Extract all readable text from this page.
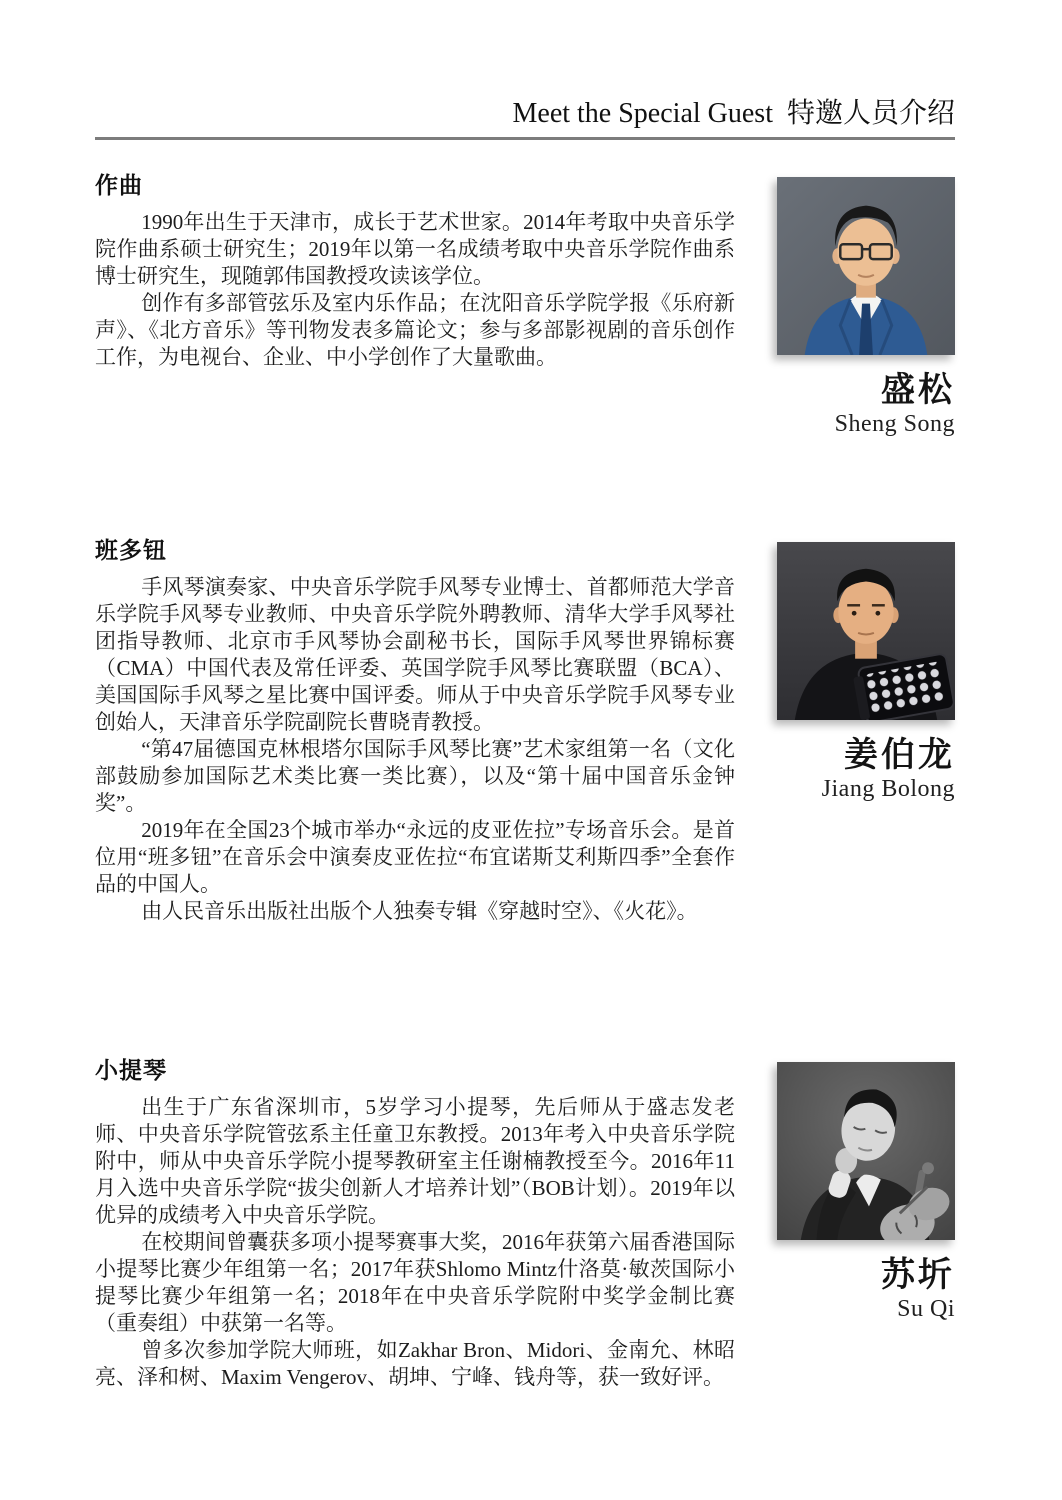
Meet the Special Guest 特邀人员介绍
作曲

1990年出生于天津市，成长于艺术世家。2014年考取中央音乐学院作曲系硕士研究生；2019年以第一名成绩考取中央音乐学院作曲系博士研究生，现随郭伟国教授攻读该学位。

创作有多部管弦乐及室内乐作品；在沈阳音乐学院学报《乐府新声》、《北方音乐》等刊物发表多篇论文；参与多部影视剧的音乐创作工作，为电视台、企业、中小学创作了大量歌曲。

盛松
Sheng Song
班多钮

手风琴演奏家、中央音乐学院手风琴专业博士、首都师范大学音乐学院手风琴专业教师、中央音乐学院外聘教师、清华大学手风琴社团指导教师、北京市手风琴协会副秘书长，国际手风琴世界锦标赛（CMA）中国代表及常任评委、英国学院手风琴比赛联盟（BCA）、美国国际手风琴之星比赛中国评委。师从于中央音乐学院手风琴专业创始人，天津音乐学院副院长曹晓青教授。

“第47届德国克林根塔尔国际手风琴比赛”艺术家组第一名（文化部鼓励参加国际艺术类比赛一类比赛），以及“第十届中国音乐金钟奖”。

2019年在全国23个城市举办“永远的皮亚佐拉”专场音乐会。是首位用“班多钮”在音乐会中演奏皮亚佐拉“布宜诺斯艾利斯四季”全套作品的中国人。

由人民音乐出版社出版个人独奏专辑《穿越时空》、《火花》。

姜伯龙
Jiang Bolong
小提琴

出生于广东省深圳市，5岁学习小提琴，先后师从于盛志发老师、中央音乐学院管弦系主任童卫东教授。2013年考入中央音乐学院附中，师从中央音乐学院小提琴教研室主任谢楠教授至今。2016年11月入选中央音乐学院“拔尖创新人才培养计划”（BOB计划）。2019年以优异的成绩考入中央音乐学院。

在校期间曾囊获多项小提琴赛事大奖，2016年获第六届香港国际小提琴比赛少年组第一名；2017年获Shlomo Mintz什洛莫·敏茨国际小提琴比赛少年组第一名；2018年在中央音乐学院附中奖学金制比赛（重奏组）中获第一名等。

曾多次参加学院大师班，如Zakhar Bron、Midori、金南允、林昭亮、泽和树、Maxim Vengerov、胡坤、宁峰、钱舟等，获一致好评。

苏圻
Su Qi
